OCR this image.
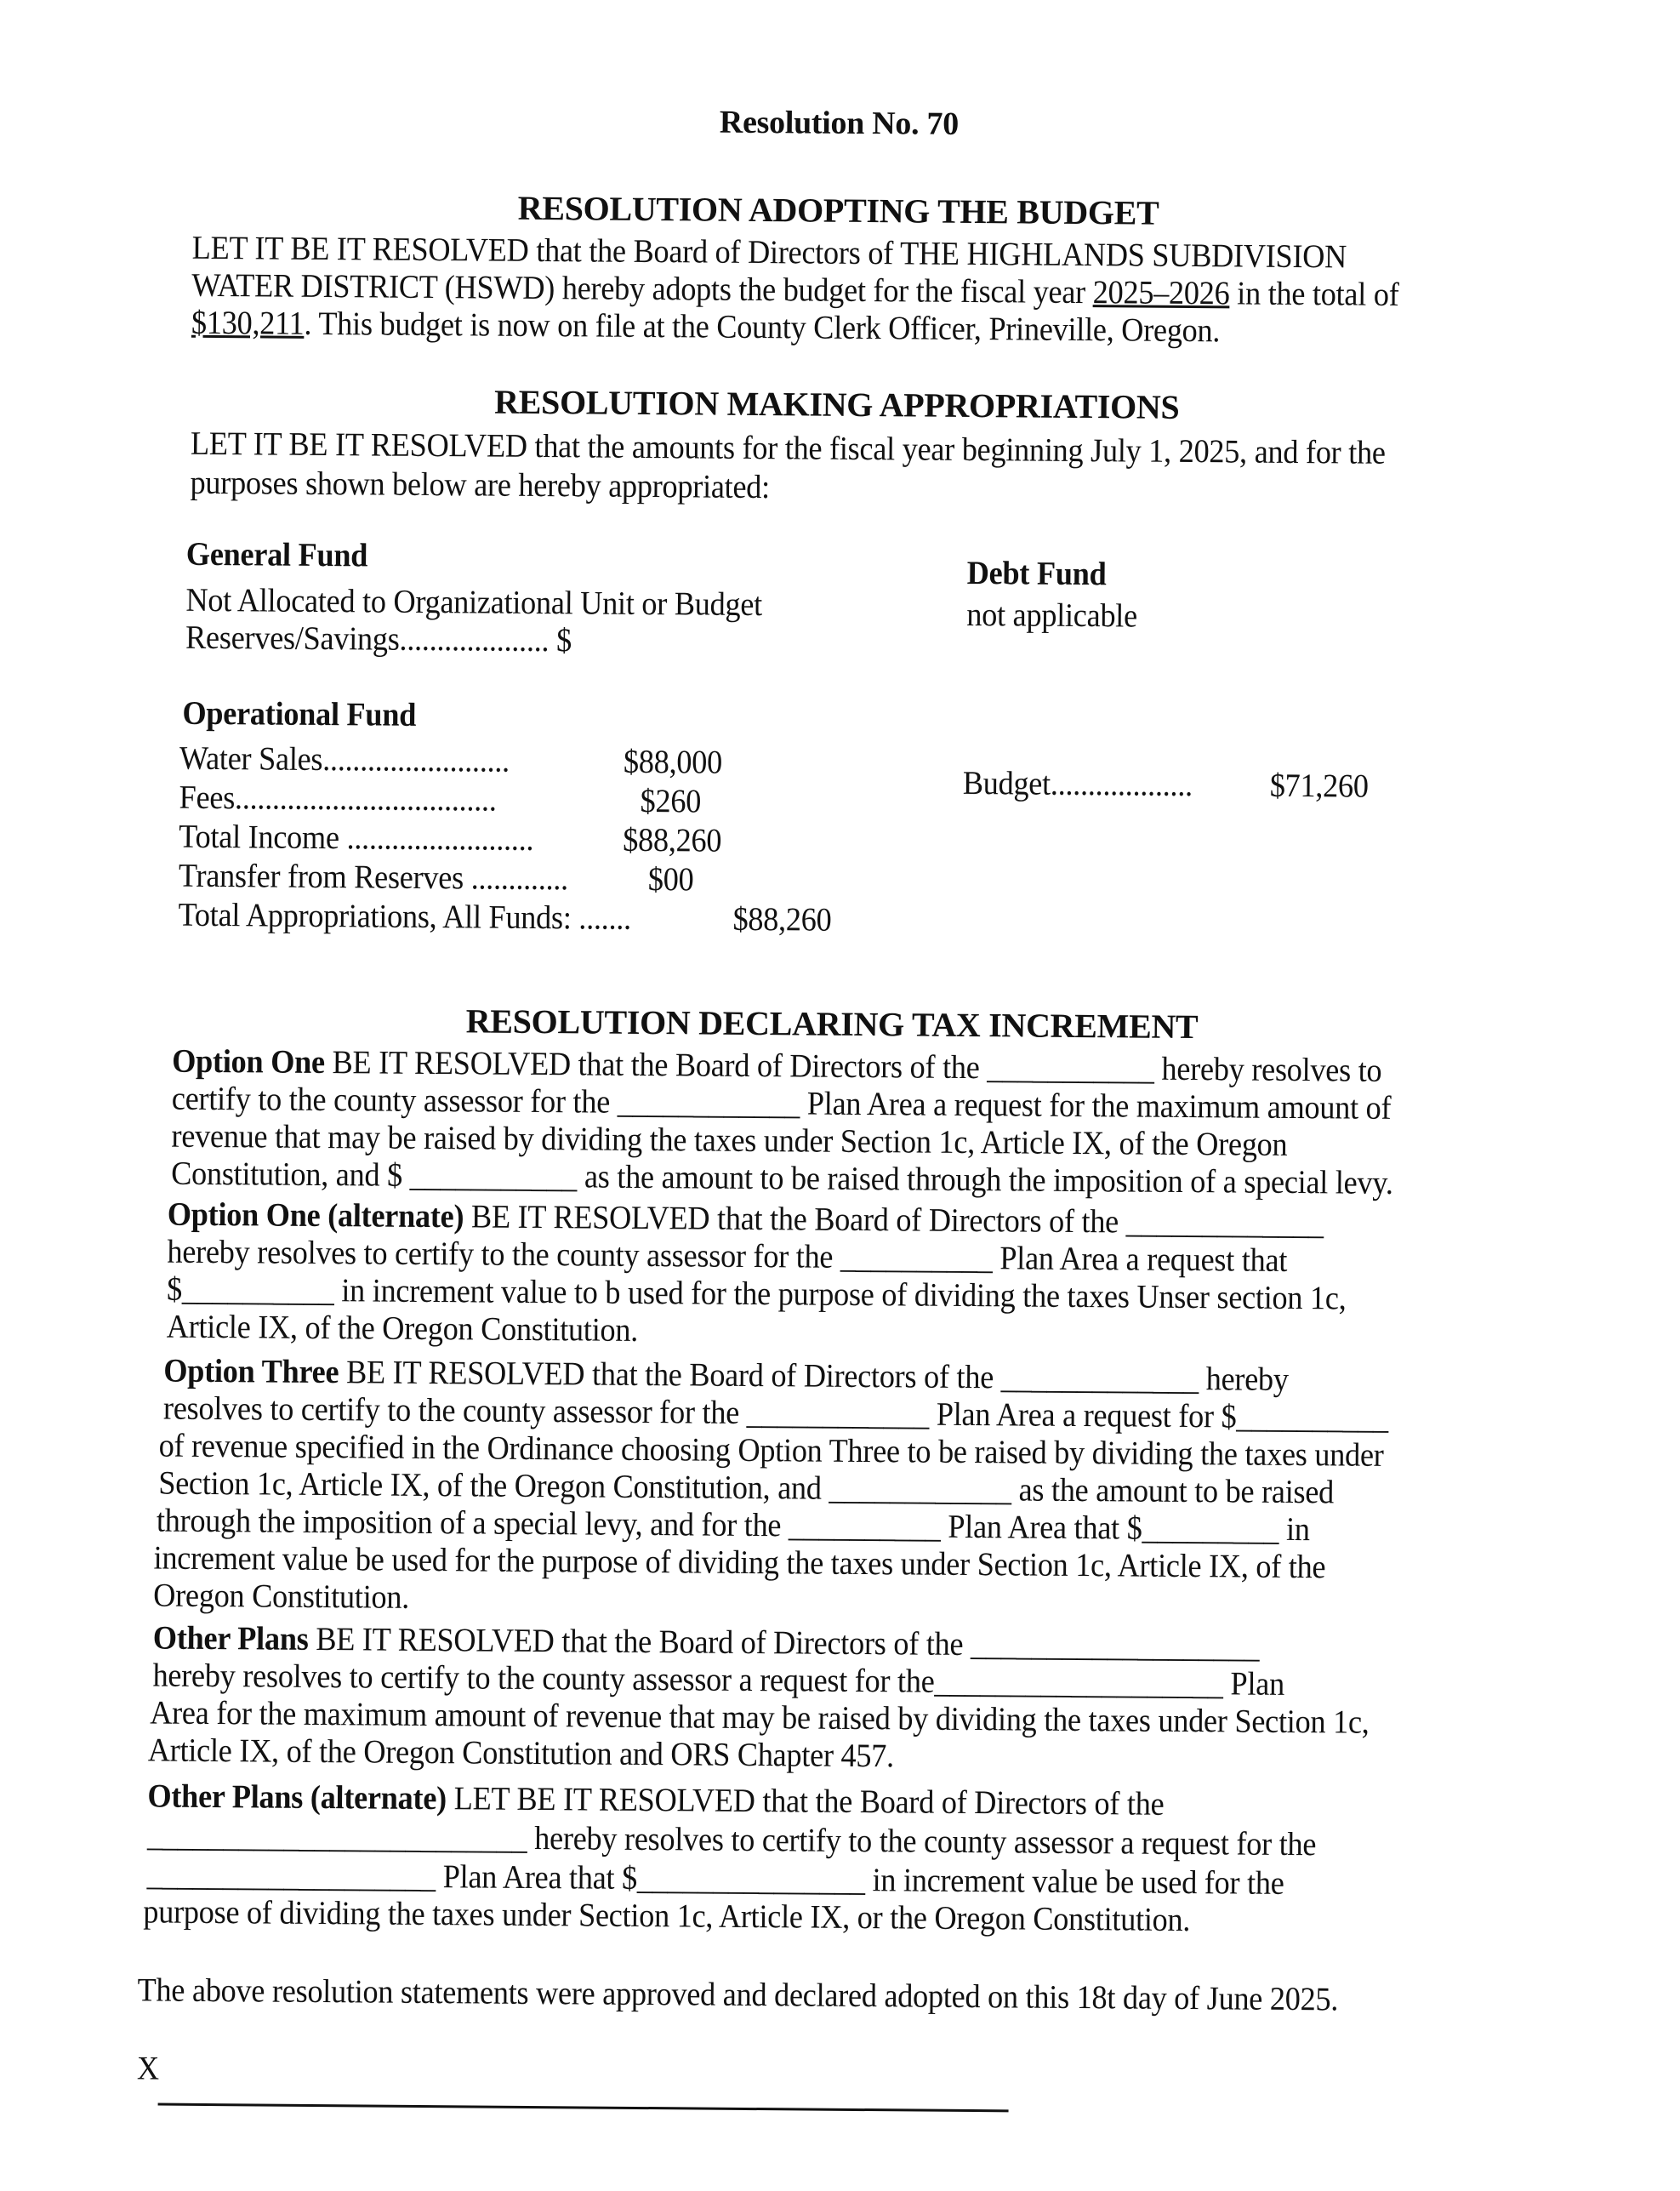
Resolution No. 70
RESOLUTION ADOPTING THE BUDGET
LET IT BE IT RESOLVED that the Board of Directors of THE HIGHLANDS SUBDIVISION
WATER DISTRICT (HSWD) hereby adopts the budget for the fiscal year 2025–2026 in the total of
$130,211. This budget is now on file at the County Clerk Officer, Prineville, Oregon.
RESOLUTION MAKING APPROPRIATIONS
LET IT BE IT RESOLVED that the amounts for the fiscal year beginning July 1, 2025, and for the
purposes shown below are hereby appropriated:
General Fund
Not Allocated to Organizational Unit or Budget
Reserves/Savings.................... $
Debt Fund
not applicable
Operational Fund
Water Sales.........................	$88,000
Fees...................................	$260
Total Income .........................	$88,260
Transfer from Reserves ............. $00
Total Appropriations, All Funds: .......	$88,260
Budget................... $71,260
RESOLUTION DECLARING TAX INCREMENT
Option One BE IT RESOLVED that the Board of Directors of the ___________ hereby resolves to
certify to the county assessor for the ____________ Plan Area a request for the maximum amount of
revenue that may be raised by dividing the taxes under Section 1c, Article IX, of the Oregon
Constitution, and $ ___________ as the amount to be raised through the imposition of a special levy.
Option One (alternate) BE IT RESOLVED that the Board of Directors of the _____________
hereby resolves to certify to the county assessor for the __________ Plan Area a request that
$__________ in increment value to b used for the purpose of dividing the taxes Unser section 1c,
Article IX, of the Oregon Constitution.
Option Three BE IT RESOLVED that the Board of Directors of the _____________ hereby
resolves to certify to the county assessor for the ____________ Plan Area a request for $__________
of revenue specified in the Ordinance choosing Option Three to be raised by dividing the taxes under
Section 1c, Article IX, of the Oregon Constitution, and ____________ as the amount to be raised
through the imposition of a special levy, and for the __________ Plan Area that $_________ in
increment value be used for the purpose of dividing the taxes under Section 1c, Article IX, of the
Oregon Constitution.
Other Plans BE IT RESOLVED that the Board of Directors of the ___________________
hereby resolves to certify to the county assessor a request for the___________________ Plan
Area for the maximum amount of revenue that may be raised by dividing the taxes under Section 1c,
Article IX, of the Oregon Constitution and ORS Chapter 457.
Other Plans (alternate) LET BE IT RESOLVED that the Board of Directors of the
_________________________ hereby resolves to certify to the county assessor a request for the
___________________ Plan Area that $_______________ in increment value be used for the
purpose of dividing the taxes under Section 1c, Article IX, or the Oregon Constitution.
The above resolution statements were approved and declared adopted on this 18t day of June 2025.
X
